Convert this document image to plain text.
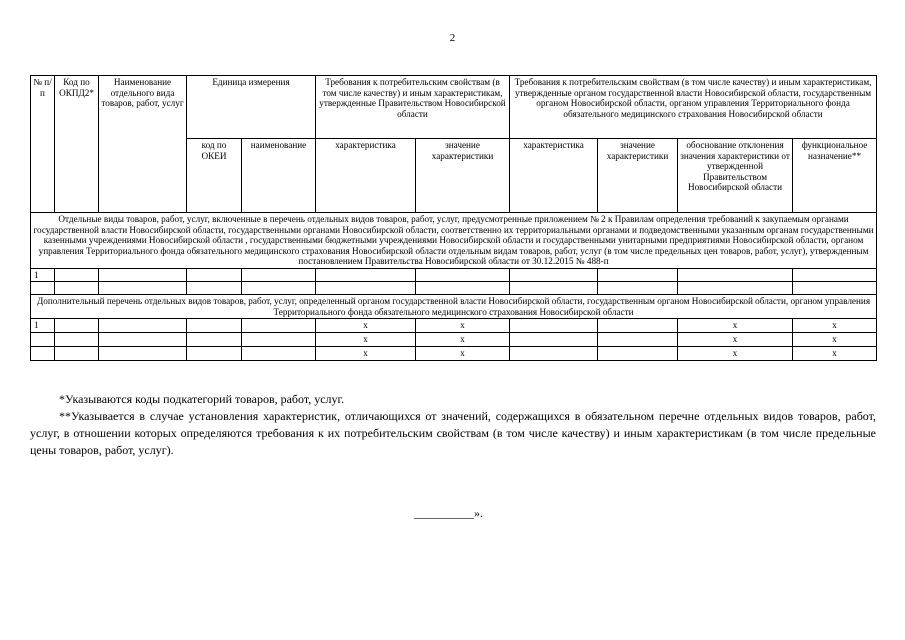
2
№ п/п	Код по ОКПД2*	Наименование отдельного вида товаров, работ, услуг	Единица измерения		Требования к потребительским свойствам (в том числе качеству) и иным характеристикам, утвержденные Правительством Новосибирской области		Требования к потребительским свойствам (в том числе качеству) и иным характеристикам, утвержденные органом государственной власти Новосибирской области, государственным органом Новосибирской области, органом управления Территориального фонда обязательного медицинского страхования Новосибирской области			
			код по ОКЕИ	наименование	характеристика	значение характеристики	характеристика	значение характеристики	обоснование отклонения значения характеристики от утвержденной Правительством Новосибирской области	функциональное назначение**
Отдельные виды товаров, работ, услуг, включенные в перечень отдельных видов товаров, работ, услуг, предусмотренные приложением № 2 к Правилам определения требований к закупаемым органами государственной власти Новосибирской области, государственными органами Новосибирской области, соответственно их территориальными органами и подведомственными указанным органам государственными казенными учреждениями Новосибирской области , государственными бюджетными учреждениями Новосибирской области и государственными унитарными предприятиями Новосибирской области, органом управления Территориального фонда обязательного медицинского страхования Новосибирской области отдельным видам товаров, работ, услуг (в том числе предельных цен товаров, работ, услуг), утвержденным постановлением Правительства Новосибирской области от 30.12.2015 № 488-п										
1										

Дополнительный перечень отдельных видов товаров, работ, услуг, определенный органом государственной власти Новосибирской области, государственным органом Новосибирской области, органом управления Территориального фонда обязательного медицинского страхования Новосибирской области										
1					x	x			x	x
					x	x			x	x
					x	x			x	x

*Указываются коды подкатегорий товаров, работ, услуг.

**Указывается в случае установления характеристик, отличающихся от значений, содержащихся в обязательном перечне отдельных видов товаров, работ, услуг, в отношении которых определяются требования к их потребительским свойствам (в том числе качеству) и иным характеристикам (в том числе предельные цены товаров, работ, услуг).

__________».
